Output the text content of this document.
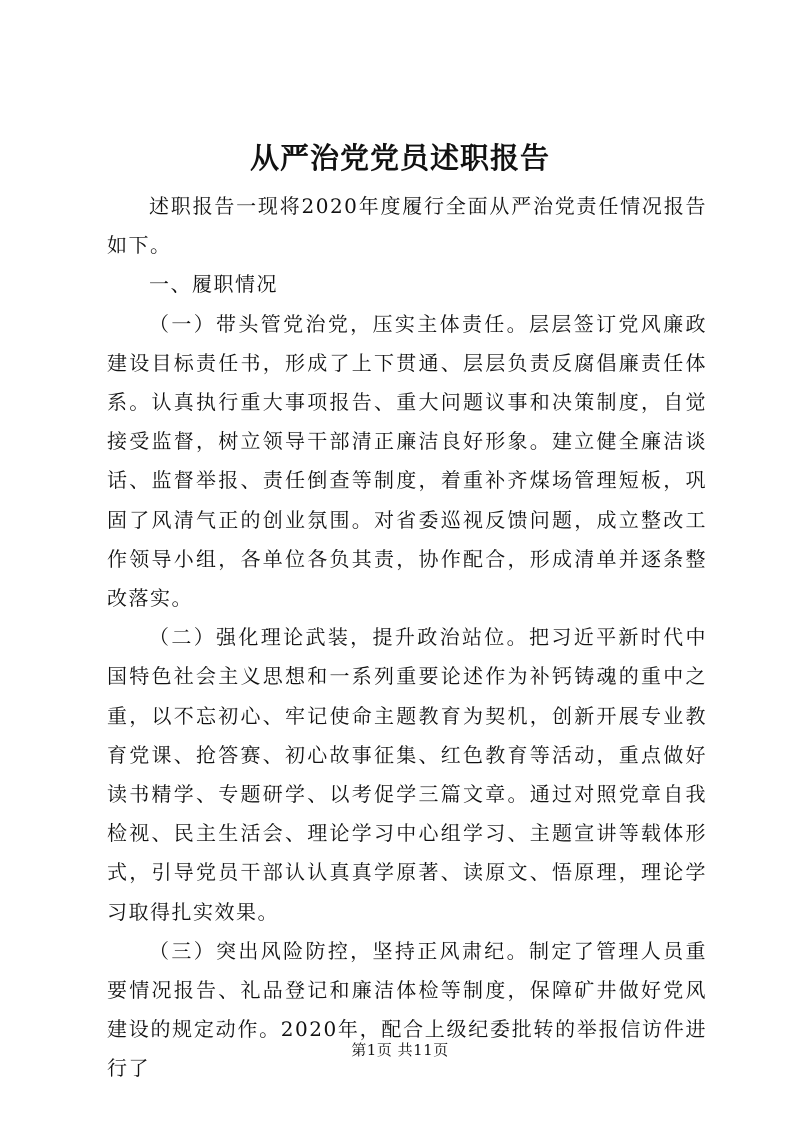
从严治党党员述职报告

述职报告一现将2020年度履行全面从严治党责任情况报告如下。

一、履职情况

（一）带头管党治党，压实主体责任。层层签订党风廉政建设目标责任书，形成了上下贯通、层层负责反腐倡廉责任体系。认真执行重大事项报告、重大问题议事和决策制度，自觉接受监督，树立领导干部清正廉洁良好形象。建立健全廉洁谈话、监督举报、责任倒查等制度，着重补齐煤场管理短板，巩固了风清气正的创业氛围。对省委巡视反馈问题，成立整改工作领导小组，各单位各负其责，协作配合，形成清单并逐条整改落实。

（二）强化理论武装，提升政治站位。把习近平新时代中国特色社会主义思想和一系列重要论述作为补钙铸魂的重中之重，以不忘初心、牢记使命主题教育为契机，创新开展专业教育党课、抢答赛、初心故事征集、红色教育等活动，重点做好读书精学、专题研学、以考促学三篇文章。通过对照党章自我检视、民主生活会、理论学习中心组学习、主题宣讲等载体形式，引导党员干部认认真真学原著、读原文、悟原理，理论学习取得扎实效果。

（三）突出风险防控，坚持正风肃纪。制定了管理人员重要情况报告、礼品登记和廉洁体检等制度，保障矿井做好党风建设的规定动作。2020年，配合上级纪委批转的举报信访件进行了

第1页 共11页
